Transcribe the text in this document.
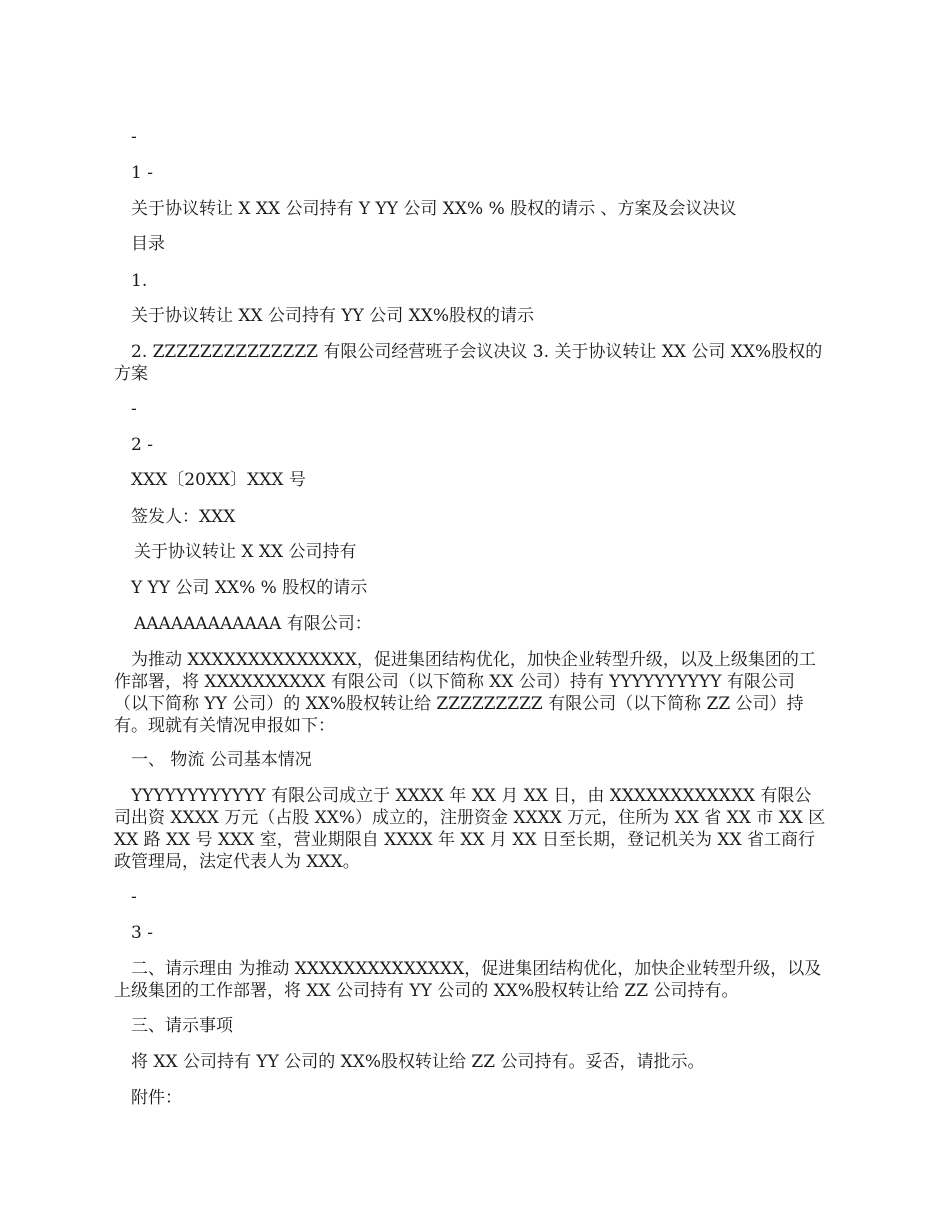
-
1 -
关于协议转让 X XX 公司持有 Y YY 公司 XX% % 股权的请示 、方案及会议决议
目录
1.
关于协议转让 XX 公司持有 YY 公司 XX%股权的请示
2. ZZZZZZZZZZZZZZ 有限公司经营班子会议决议 3. 关于协议转让 XX 公司 XX%股权的方案
-
2 -
XXX〔20XX〕XXX 号
签发人：XXX
关于协议转让 X XX 公司持有
Y YY 公司 XX% % 股权的请示
AAAAAAAAAAAA 有限公司：
为推动 XXXXXXXXXXXXXX，促进集团结构优化，加快企业转型升级，以及上级集团的工作部署，将 XXXXXXXXXX 有限公司（以下简称 XX 公司）持有 YYYYYYYYYY 有限公司（以下简称 YY 公司）的 XX%股权转让给 ZZZZZZZZZ 有限公司（以下简称 ZZ 公司）持有。现就有关情况申报如下：
一、 物流 公司基本情况
YYYYYYYYYYYY 有限公司成立于 XXXX 年 XX 月 XX 日，由 XXXXXXXXXXXX 有限公司出资 XXXX 万元（占股 XX%）成立的，注册资金 XXXX 万元，住所为 XX 省 XX 市 XX 区 XX 路 XX 号 XXX 室，营业期限自 XXXX 年 XX 月 XX 日至长期，登记机关为 XX 省工商行政管理局，法定代表人为 XXX。
-
3 -
二、请示理由 为推动 XXXXXXXXXXXXXX，促进集团结构优化，加快企业转型升级，以及上级集团的工作部署，将 XX 公司持有 YY 公司的 XX%股权转让给 ZZ 公司持有。
三、请示事项
将 XX 公司持有 YY 公司的 XX%股权转让给 ZZ 公司持有。妥否，请批示。
附件：
